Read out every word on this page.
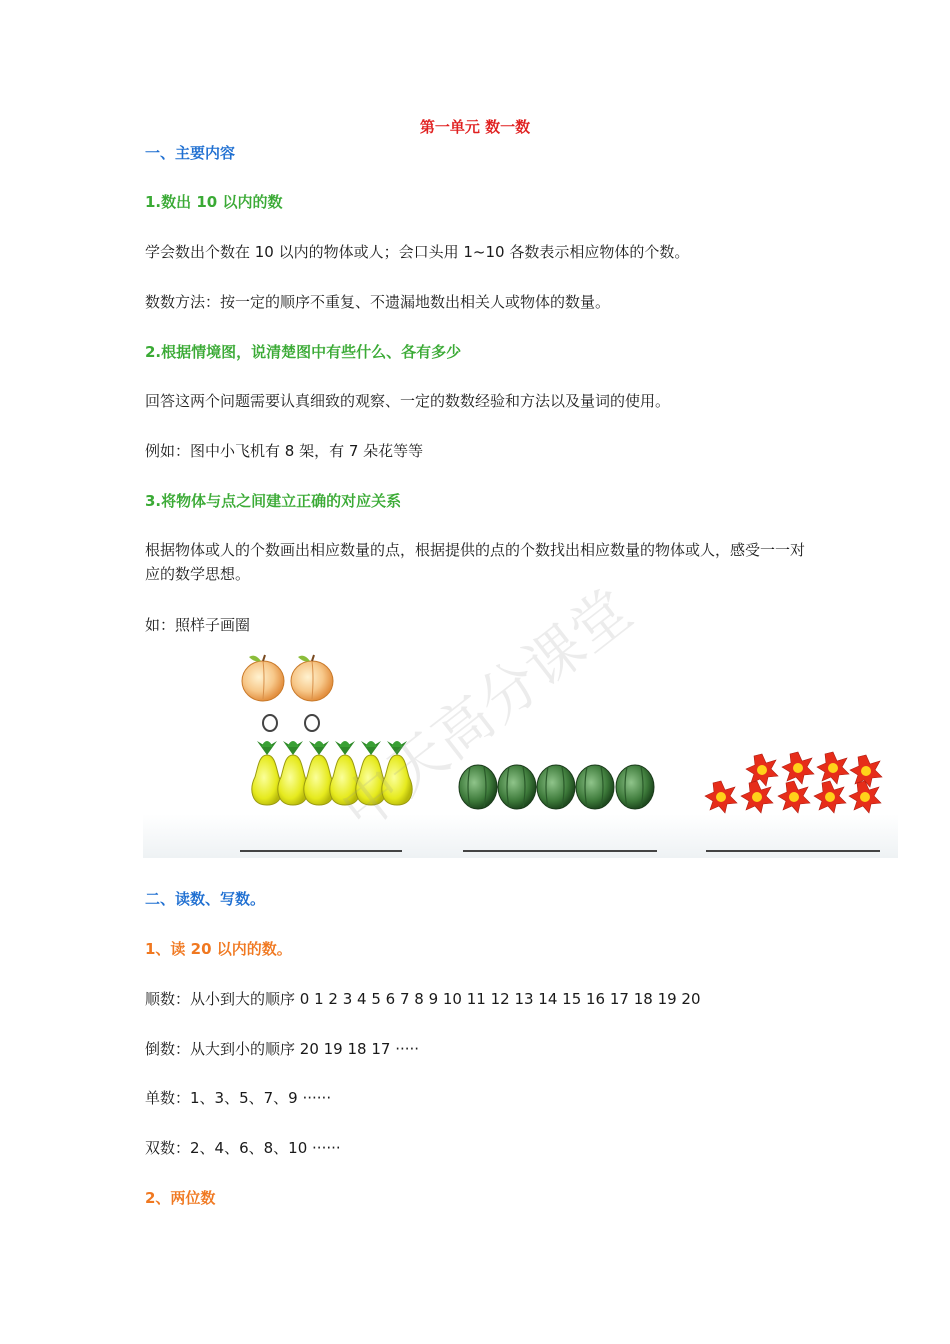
第一单元 数一数
一、主要内容
1.数出 10 以内的数
学会数出个数在 10 以内的物体或人；会口头用 1~10 各数表示相应物体的个数。
数数方法：按一定的顺序不重复、不遗漏地数出相关人或物体的数量。
2.根据情境图，说清楚图中有些什么、各有多少
回答这两个问题需要认真细致的观察、一定的数数经验和方法以及量词的使用。
例如：图中小飞机有 8 架，有 7 朵花等等
3.将物体与点之间建立正确的对应关系
根据物体或人的个数画出相应数量的点，根据提供的点的个数找出相应数量的物体或人，感受一一对应的数学思想。
如：照样子画圈
二、读数、写数。
1、读 20 以内的数。
顺数：从小到大的顺序 0 1 2 3 4 5 6 7 8 9 10 11 12 13 14 15 16 17 18 19 20
倒数：从大到小的顺序 20 19 18 17 ·····
单数：1、3、5、7、9 ······
双数：2、4、6、8、10 ······
2、两位数
